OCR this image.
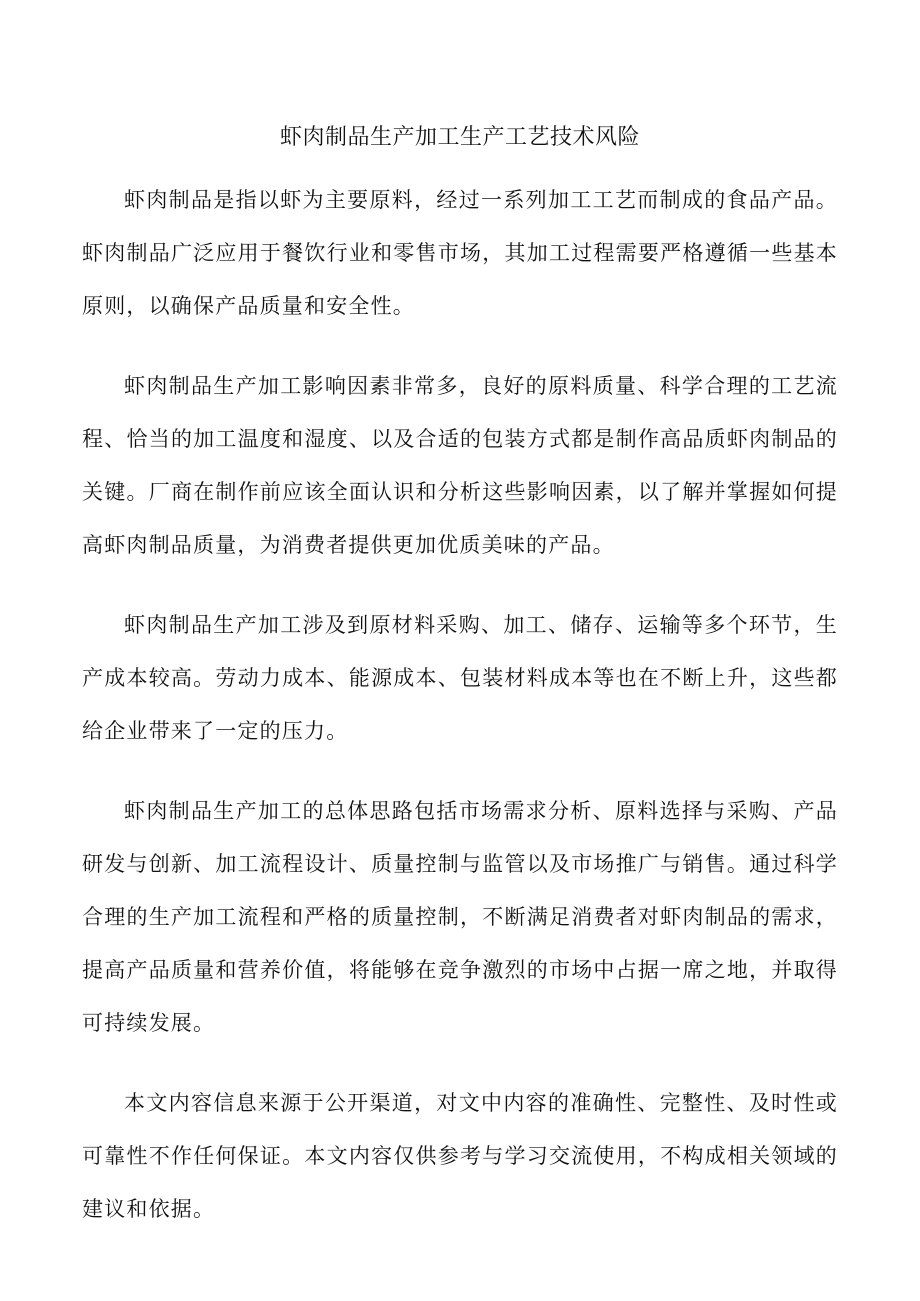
虾肉制品生产加工生产工艺技术风险

虾肉制品是指以虾为主要原料，经过一系列加工工艺而制成的食品产品。虾肉制品广泛应用于餐饮行业和零售市场，其加工过程需要严格遵循一些基本原则，以确保产品质量和安全性。

虾肉制品生产加工影响因素非常多，良好的原料质量、科学合理的工艺流程、恰当的加工温度和湿度、以及合适的包装方式都是制作高品质虾肉制品的关键。厂商在制作前应该全面认识和分析这些影响因素，以了解并掌握如何提高虾肉制品质量，为消费者提供更加优质美味的产品。

虾肉制品生产加工涉及到原材料采购、加工、储存、运输等多个环节，生产成本较高。劳动力成本、能源成本、包装材料成本等也在不断上升，这些都给企业带来了一定的压力。

虾肉制品生产加工的总体思路包括市场需求分析、原料选择与采购、产品研发与创新、加工流程设计、质量控制与监管以及市场推广与销售。通过科学合理的生产加工流程和严格的质量控制，不断满足消费者对虾肉制品的需求，提高产品质量和营养价值，将能够在竞争激烈的市场中占据一席之地，并取得可持续发展。

本文内容信息来源于公开渠道，对文中内容的准确性、完整性、及时性或可靠性不作任何保证。本文内容仅供参考与学习交流使用，不构成相关领域的建议和依据。
